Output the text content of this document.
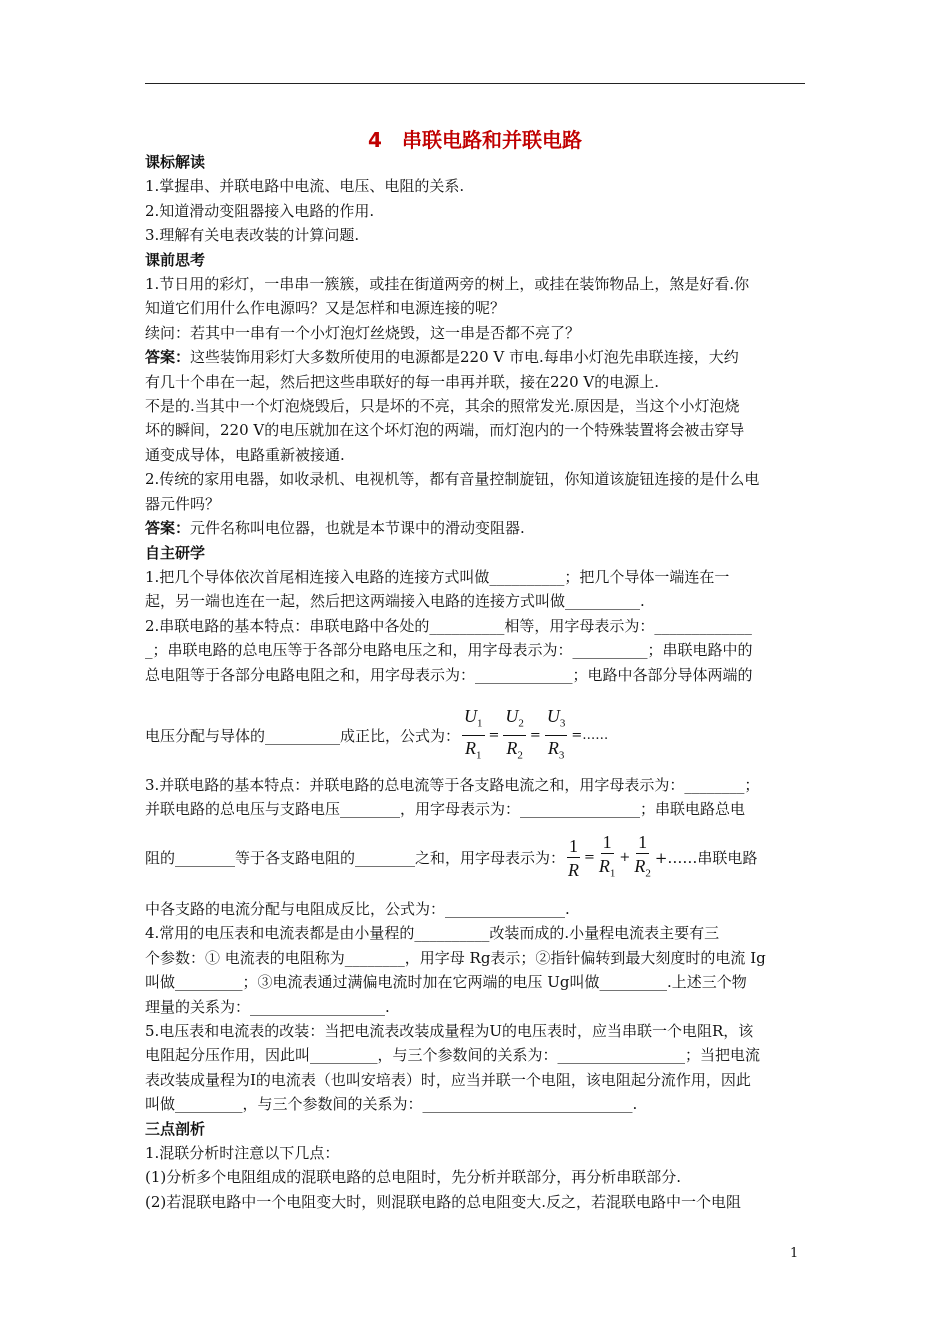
4　串联电路和并联电路
课标解读
1.掌握串、并联电路中电流、电压、电阻的关系.
2.知道滑动变阻器接入电路的作用.
3.理解有关电表改装的计算问题.
课前思考
1.节日用的彩灯，一串串一簇簇，或挂在街道两旁的树上，或挂在装饰物品上，煞是好看.你
知道它们用什么作电源吗？又是怎样和电源连接的呢？
续问：若其中一串有一个小灯泡灯丝烧毁，这一串是否都不亮了？
答案：这些装饰用彩灯大多数所使用的电源都是220 V 市电.每串小灯泡先串联连接，大约
有几十个串在一起，然后把这些串联好的每一串再并联，接在220 V的电源上.
不是的.当其中一个灯泡烧毁后，只是坏的不亮，其余的照常发光.原因是，当这个小灯泡烧
坏的瞬间，220 V的电压就加在这个坏灯泡的两端，而灯泡内的一个特殊装置将会被击穿导
通变成导体，电路重新被接通.
2.传统的家用电器，如收录机、电视机等，都有音量控制旋钮，你知道该旋钮连接的是什么电
器元件吗？
答案：元件名称叫电位器，也就是本节课中的滑动变阻器.
自主研学
1.把几个导体依次首尾相连接入电路的连接方式叫做__________；把几个导体一端连在一
起，另一端也连在一起，然后把这两端接入电路的连接方式叫做__________.
2.串联电路的基本特点：串联电路中各处的__________相等，用字母表示为：_____________
_；串联电路的总电压等于各部分电路电压之和，用字母表示为：__________；串联电路中的
总电阻等于各部分电路电阻之和，用字母表示为：_____________；电路中各部分导体两端的
电压分配与导体的__________成正比，公式为： $\frac{U_1}{R_1} = \frac{U_2}{R_2} = \frac{U_3}{R_3}$ =……
3.并联电路的基本特点：并联电路的总电流等于各支路电流之和，用字母表示为：________；
并联电路的总电压与支路电压________，用字母表示为：________________；串联电路总电
阻的________等于各支路电阻的________之和，用字母表示为： $\frac{1}{R} = \frac{1}{R_1} + \frac{1}{R_2}$ +……串联电路
中各支路的电流分配与电阻成反比，公式为：________________.
4.常用的电压表和电流表都是由小量程的__________改装而成的.小量程电流表主要有三
个参数：① 电流表的电阻称为________，用字母 Rg表示；②指针偏转到最大刻度时的电流 Ig
叫做_________；③电流表通过满偏电流时加在它两端的电压 Ug叫做_________.上述三个物
理量的关系为：__________________.
5.电压表和电流表的改装：当把电流表改装成量程为U的电压表时，应当串联一个电阻R，该
电阻起分压作用，因此叫_________，与三个参数间的关系为：_________________；当把电流
表改装成量程为I的电流表（也叫安培表）时，应当并联一个电阻，该电阻起分流作用，因此
叫做_________，与三个参数间的关系为：____________________________.
三点剖析
1.混联分析时注意以下几点：
(1)分析多个电阻组成的混联电路的总电阻时，先分析并联部分，再分析串联部分.
(2)若混联电路中一个电阻变大时，则混联电路的总电阻变大.反之，若混联电路中一个电阻
1
